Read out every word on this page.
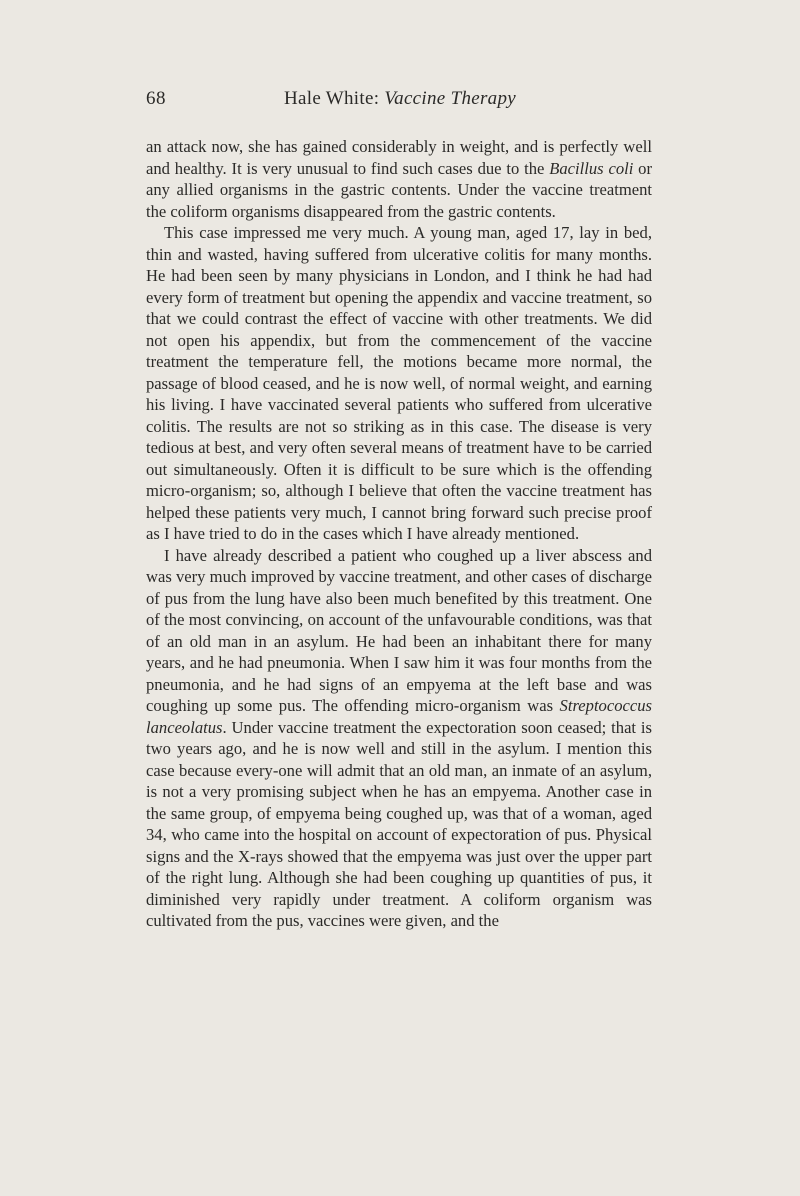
68	Hale White: Vaccine Therapy

an attack now, she has gained considerably in weight, and is perfectly well and healthy. It is very unusual to find such cases due to the Bacillus coli or any allied organisms in the gastric contents. Under the vaccine treatment the coliform organisms disappeared from the gastric contents.

This case impressed me very much. A young man, aged 17, lay in bed, thin and wasted, having suffered from ulcerative colitis for many months. He had been seen by many physicians in London, and I think he had had every form of treatment but opening the appendix and vaccine treatment, so that we could contrast the effect of vaccine with other treatments. We did not open his appendix, but from the commencement of the vaccine treatment the temperature fell, the motions became more normal, the passage of blood ceased, and he is now well, of normal weight, and earning his living. I have vaccinated several patients who suffered from ulcerative colitis. The results are not so striking as in this case. The disease is very tedious at best, and very often several means of treatment have to be carried out simultaneously. Often it is difficult to be sure which is the offending micro-organism; so, although I believe that often the vaccine treatment has helped these patients very much, I cannot bring forward such precise proof as I have tried to do in the cases which I have already mentioned.

I have already described a patient who coughed up a liver abscess and was very much improved by vaccine treatment, and other cases of discharge of pus from the lung have also been much benefited by this treatment. One of the most convincing, on account of the unfavourable conditions, was that of an old man in an asylum. He had been an inhabitant there for many years, and he had pneumonia. When I saw him it was four months from the pneumonia, and he had signs of an empyema at the left base and was coughing up some pus. The offending micro-organism was Streptococcus lanceolatus. Under vaccine treatment the expectoration soon ceased; that is two years ago, and he is now well and still in the asylum. I mention this case because every-one will admit that an old man, an inmate of an asylum, is not a very promising subject when he has an empyema. Another case in the same group, of empyema being coughed up, was that of a woman, aged 34, who came into the hospital on account of expectoration of pus. Physical signs and the X-rays showed that the empyema was just over the upper part of the right lung. Although she had been coughing up quantities of pus, it diminished very rapidly under treatment. A coliform organism was cultivated from the pus, vaccines were given, and the
